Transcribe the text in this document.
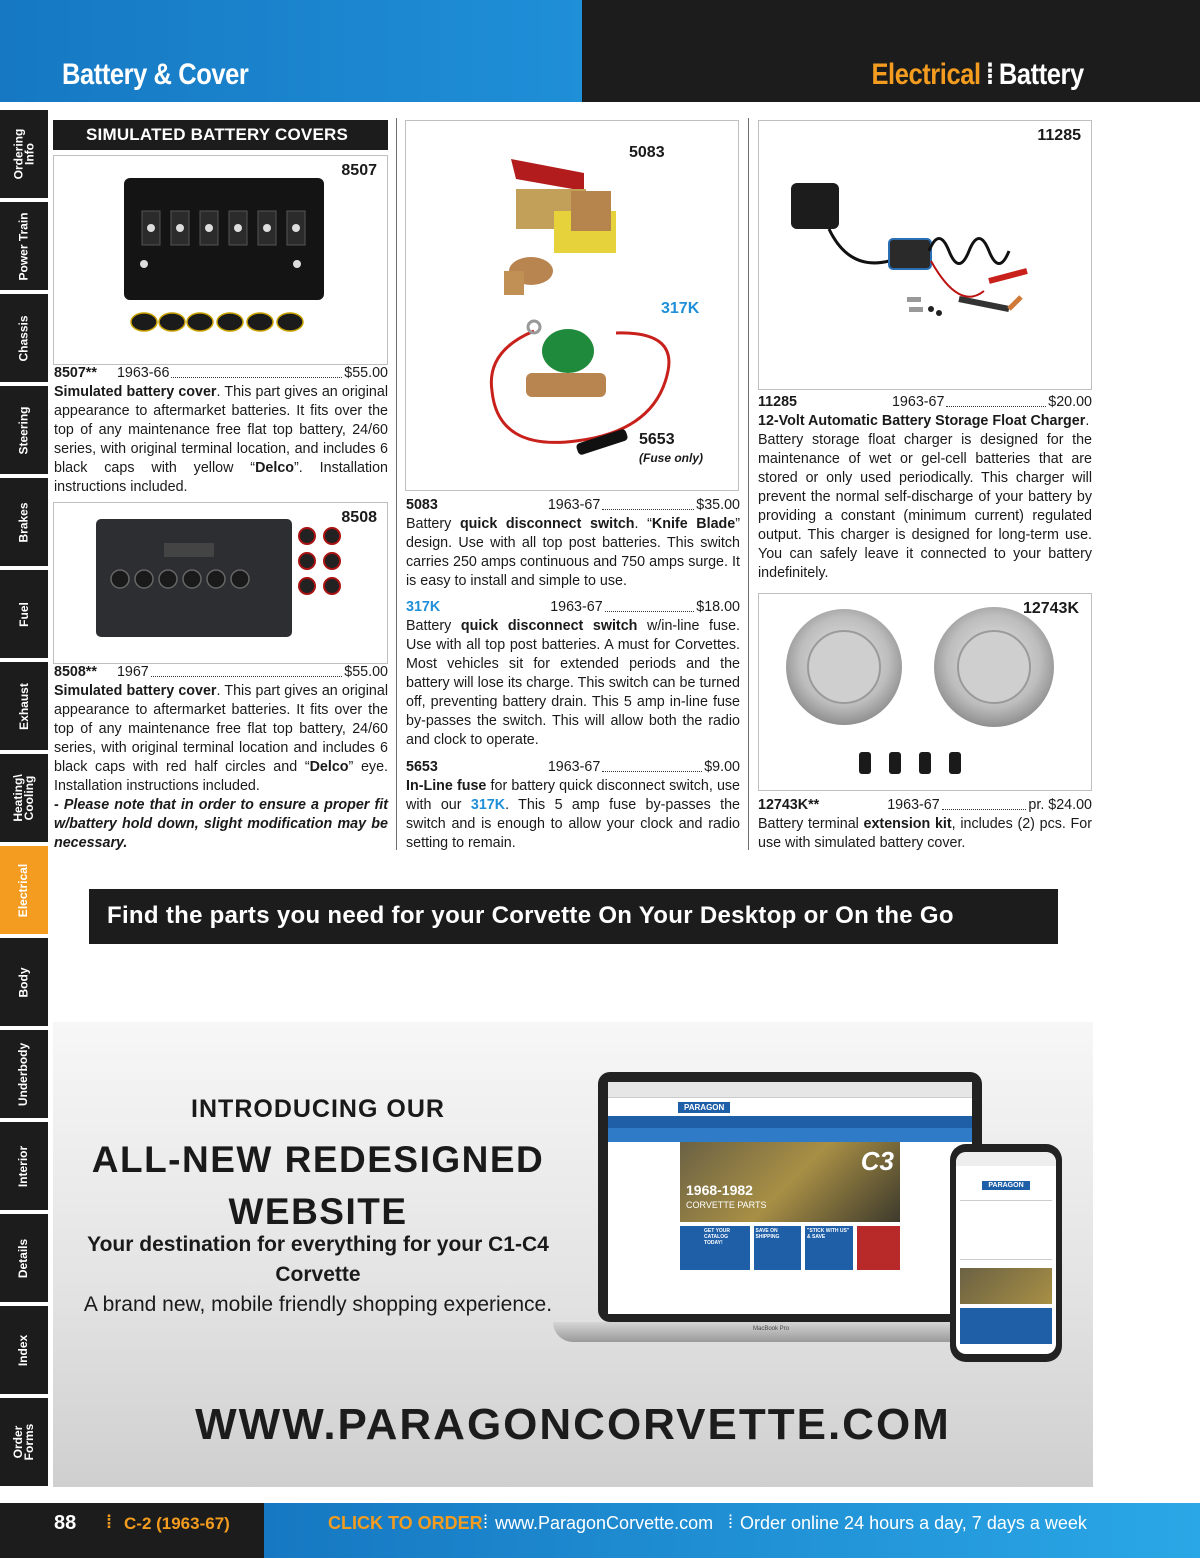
Battery & Cover	Electrical ⁞ Battery
Ordering Info
Power Train
Chassis
Steering
Brakes
Fuel
Exhaust
Heating\ Cooling
Electrical
Body
Underbody
Interior
Details
Index
Order Forms
SIMULATED BATTERY COVERS
8507
8507** 1963-66	$55.00

Simulated battery cover. This part gives an original appearance to aftermarket batteries. It fits over the top of any maintenance free flat top battery, 24/60 series, with original terminal location, and includes 6 black caps with yellow “Delco”. Installation instructions included.

8508
8508** 1967	$55.00

Simulated battery cover. This part gives an original appearance to aftermarket batteries. It fits over the top of any maintenance free flat top battery, 24/60 series, with original terminal location and includes 6 black caps with red half circles and “Delco” eye. Installation instructions included.

- Please note that in order to ensure a proper fit w/battery hold down, slight modification may be necessary.

5083
317K
5653
(Fuse only)
5083	1963-67	$35.00

Battery quick disconnect switch. “Knife Blade” design. Use with all top post batteries. This switch carries 250 amps continuous and 750 amps surge. It is easy to install and simple to use.

317K	1963-67	$18.00

Battery quick disconnect switch w/in-line fuse. Use with all top post batteries. A must for Corvettes. Most vehicles sit for extended periods and the battery will lose its charge. This switch can be turned off, preventing battery drain. This 5 amp in-line fuse by-passes the switch. This will allow both the radio and clock to operate.

5653	1963-67	$9.00

In-Line fuse for battery quick disconnect switch, use with our 317K. This 5 amp fuse by-passes the switch and is enough to allow your clock and radio setting to remain.

11285
11285	1963-67	$20.00

12-Volt Automatic Battery Storage Float Charger.

Battery storage float charger is designed for the maintenance of wet or gel-cell batteries that are stored or only used periodically. This charger will prevent the normal self-discharge of your battery by providing a constant (minimum current) regulated output. This charger is designed for long-term use. You can safely leave it connected to your battery indefinitely.

12743K
12743K**	1963-67	pr. $24.00

Battery terminal extension kit, includes (2) pcs. For use with simulated battery cover.

Find the parts you need for your Corvette On Your Desktop or On the Go
INTRODUCING OUR
ALL-NEW REDESIGNED WEBSITE
Your destination for everything for your C1-C4 Corvette
A brand new, mobile friendly shopping experience.
WWW.PARAGONCORVETTE.COM
PARAGON
1968-1982
CORVETTE PARTS
C3
GET YOUR CATALOG TODAY!
SAVE ON SHIPPING
"STICK WITH US" & SAVE
MacBook Pro
PARAGON
88 ⁞ C-2 (1963-67)	CLICK TO ORDER ⁞ www.ParagonCorvette.com ⁞ Order online 24 hours a day, 7 days a week
